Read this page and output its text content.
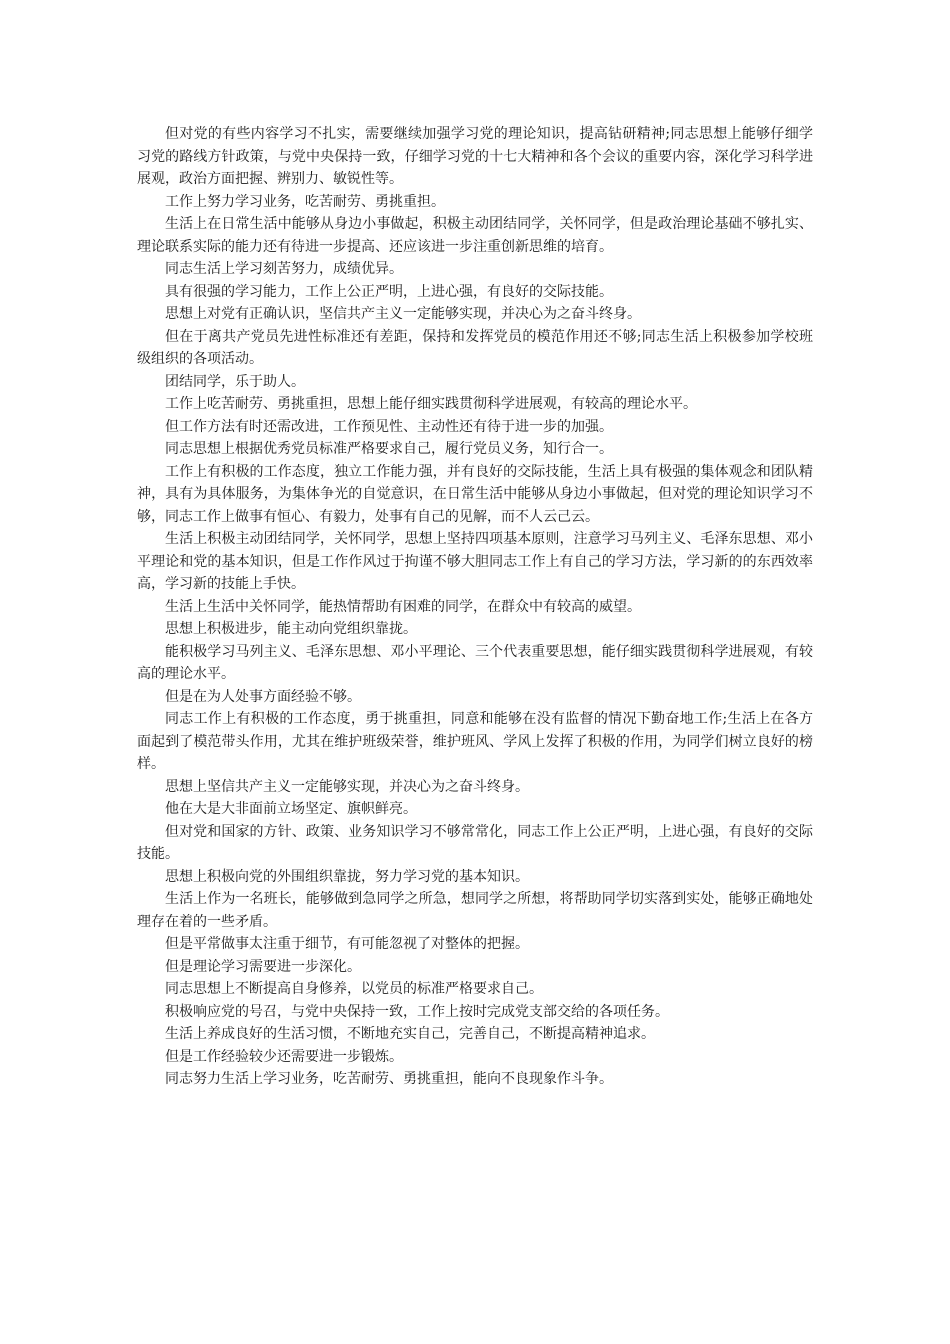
但对党的有些内容学习不扎实，需要继续加强学习党的理论知识，提高钻研精神;同志思想上能够仔细学习党的路线方针政策，与党中央保持一致，仔细学习党的十七大精神和各个会议的重要内容，深化学习科学进展观，政治方面把握、辨别力、敏锐性等。

工作上努力学习业务，吃苦耐劳、勇挑重担。

生活上在日常生活中能够从身边小事做起，积极主动团结同学，关怀同学，但是政治理论基础不够扎实、理论联系实际的能力还有待进一步提高、还应该进一步注重创新思维的培育。

同志生活上学习刻苦努力，成绩优异。

具有很强的学习能力，工作上公正严明，上进心强，有良好的交际技能。

思想上对党有正确认识，坚信共产主义一定能够实现，并决心为之奋斗终身。

但在于离共产党员先进性标准还有差距，保持和发挥党员的模范作用还不够;同志生活上积极参加学校班级组织的各项活动。

团结同学，乐于助人。

工作上吃苦耐劳、勇挑重担，思想上能仔细实践贯彻科学进展观，有较高的理论水平。

但工作方法有时还需改进，工作预见性、主动性还有待于进一步的加强。

同志思想上根据优秀党员标准严格要求自己，履行党员义务，知行合一。

工作上有积极的工作态度，独立工作能力强，并有良好的交际技能，生活上具有极强的集体观念和团队精神，具有为具体服务，为集体争光的自觉意识，在日常生活中能够从身边小事做起，但对党的理论知识学习不够，同志工作上做事有恒心、有毅力，处事有自己的见解，而不人云己云。

生活上积极主动团结同学，关怀同学，思想上坚持四项基本原则，注意学习马列主义、毛泽东思想、邓小平理论和党的基本知识，但是工作作风过于拘谨不够大胆同志工作上有自己的学习方法，学习新的的东西效率高，学习新的技能上手快。

生活上生活中关怀同学，能热情帮助有困难的同学，在群众中有较高的威望。

思想上积极进步，能主动向党组织靠拢。

能积极学习马列主义、毛泽东思想、邓小平理论、三个代表重要思想，能仔细实践贯彻科学进展观，有较高的理论水平。

但是在为人处事方面经验不够。

同志工作上有积极的工作态度，勇于挑重担，同意和能够在没有监督的情况下勤奋地工作;生活上在各方面起到了模范带头作用，尤其在维护班级荣誉，维护班风、学风上发挥了积极的作用，为同学们树立良好的榜样。

思想上坚信共产主义一定能够实现，并决心为之奋斗终身。

他在大是大非面前立场坚定、旗帜鲜亮。

但对党和国家的方针、政策、业务知识学习不够常常化，同志工作上公正严明，上进心强，有良好的交际技能。

思想上积极向党的外围组织靠拢，努力学习党的基本知识。

生活上作为一名班长，能够做到急同学之所急，想同学之所想，将帮助同学切实落到实处，能够正确地处理存在着的一些矛盾。

但是平常做事太注重于细节，有可能忽视了对整体的把握。

但是理论学习需要进一步深化。

同志思想上不断提高自身修养，以党员的标准严格要求自己。

积极响应党的号召，与党中央保持一致，工作上按时完成党支部交给的各项任务。

生活上养成良好的生活习惯，不断地充实自己，完善自己，不断提高精神追求。

但是工作经验较少还需要进一步锻炼。

同志努力生活上学习业务，吃苦耐劳、勇挑重担，能向不良现象作斗争。
